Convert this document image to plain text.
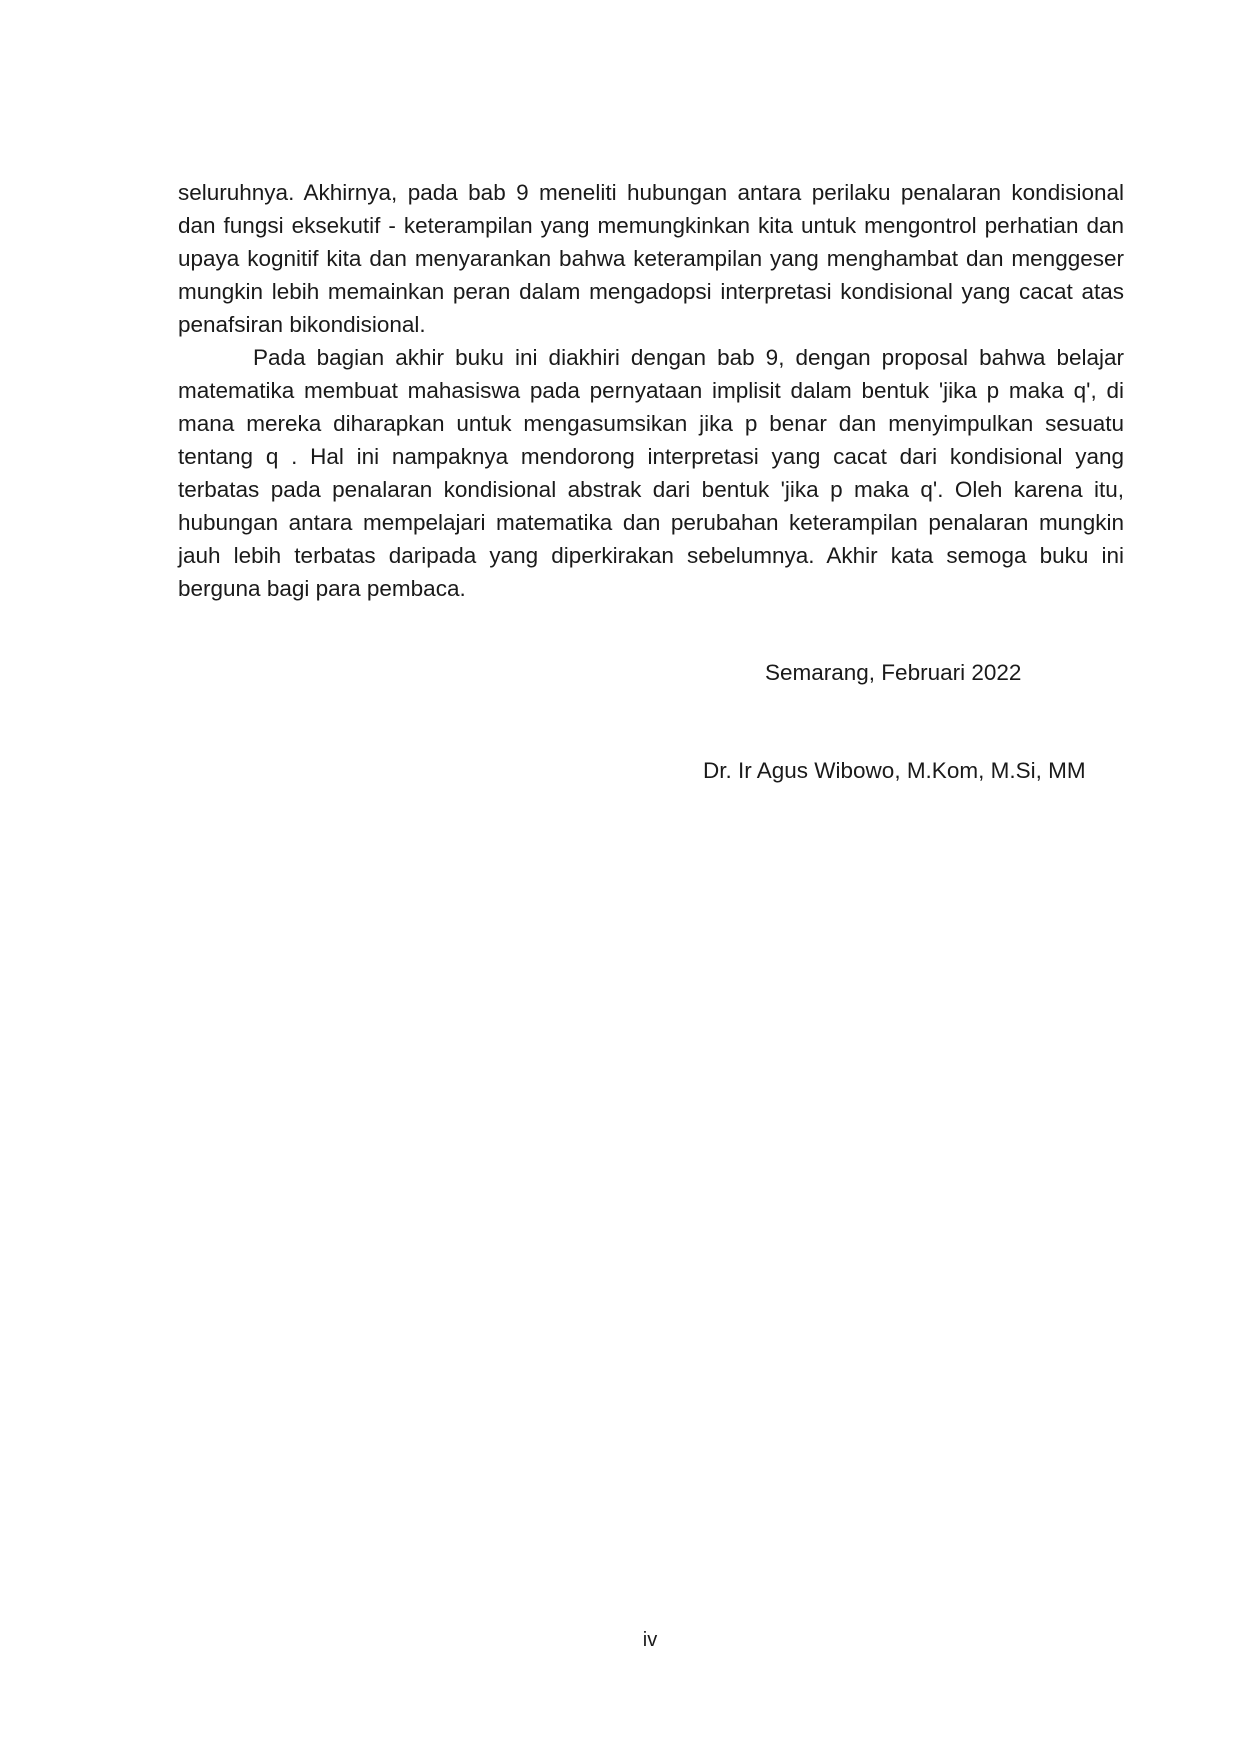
seluruhnya. Akhirnya, pada bab 9 meneliti hubungan antara perilaku penalaran kondisional dan fungsi eksekutif - keterampilan yang memungkinkan kita untuk mengontrol perhatian dan upaya kognitif kita dan menyarankan bahwa keterampilan yang menghambat dan menggeser mungkin lebih memainkan peran dalam mengadopsi interpretasi kondisional yang cacat atas penafsiran bikondisional.

Pada bagian akhir buku ini diakhiri dengan bab 9, dengan proposal bahwa belajar matematika membuat mahasiswa pada pernyataan implisit dalam bentuk 'jika p maka q', di mana mereka diharapkan untuk mengasumsikan jika p benar dan menyimpulkan sesuatu tentang q . Hal ini nampaknya mendorong interpretasi yang cacat dari kondisional yang terbatas pada penalaran kondisional abstrak dari bentuk 'jika p maka q'. Oleh karena itu, hubungan antara mempelajari matematika dan perubahan keterampilan penalaran mungkin jauh lebih terbatas daripada yang diperkirakan sebelumnya. Akhir kata semoga buku ini berguna bagi para pembaca.

Semarang, Februari 2022
Dr. Ir Agus Wibowo, M.Kom, M.Si, MM
iv
